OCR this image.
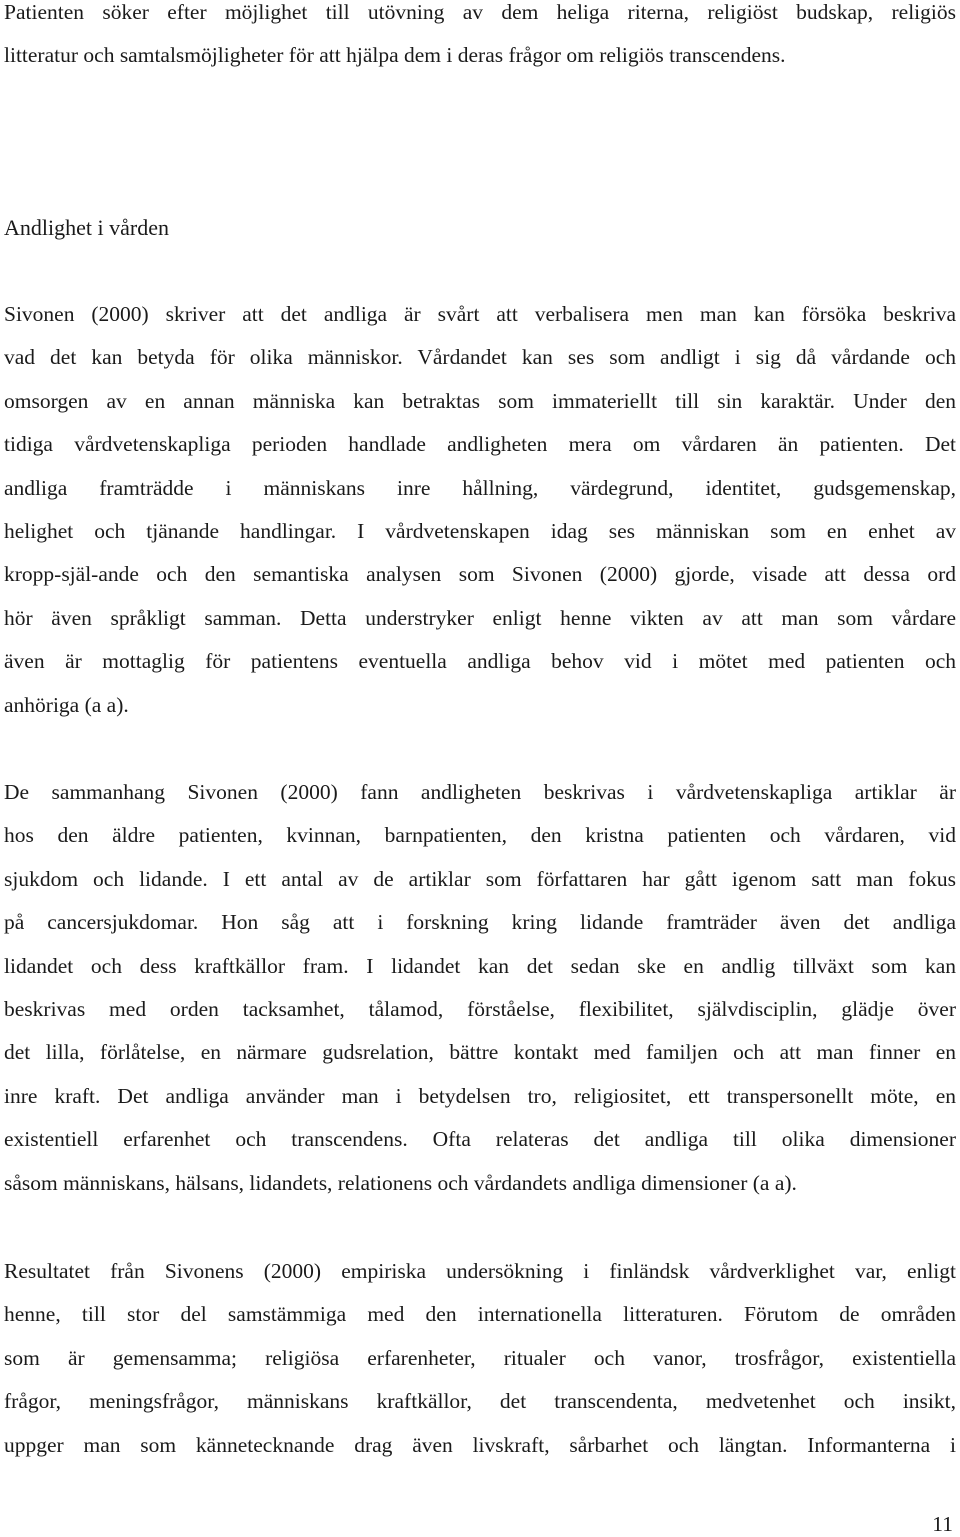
Patienten söker efter möjlighet till utövning av dem heliga riterna, religiöst budskap, religiös
litteratur och samtalsmöjligheter för att hjälpa dem i deras frågor om religiös transcendens.
Andlighet i vården
Sivonen (2000) skriver att det andliga är svårt att verbalisera men man kan försöka beskriva
vad det kan betyda för olika människor. Vårdandet kan ses som andligt i sig då vårdande och
omsorgen av en annan människa kan betraktas som immateriellt till sin karaktär. Under den
tidiga vårdvetenskapliga perioden handlade andligheten mera om vårdaren än patienten. Det
andliga framträdde i människans inre hållning, värdegrund, identitet, gudsgemenskap,
helighet och tjänande handlingar. I vårdvetenskapen idag ses människan som en enhet av
kropp-själ-ande och den semantiska analysen som Sivonen (2000) gjorde, visade att dessa ord
hör även språkligt samman. Detta understryker enligt henne vikten av att man som vårdare
även är mottaglig för patientens eventuella andliga behov vid i mötet med patienten och
anhöriga (a a).
De sammanhang Sivonen (2000) fann andligheten beskrivas i vårdvetenskapliga artiklar är
hos den äldre patienten, kvinnan, barnpatienten, den kristna patienten och vårdaren, vid
sjukdom och lidande. I ett antal av de artiklar som författaren har gått igenom satt man fokus
på cancersjukdomar. Hon såg att i forskning kring lidande framträder även det andliga
lidandet och dess kraftkällor fram. I lidandet kan det sedan ske en andlig tillväxt som kan
beskrivas med orden tacksamhet, tålamod, förståelse, flexibilitet, självdisciplin, glädje över
det lilla, förlåtelse, en närmare gudsrelation, bättre kontakt med familjen och att man finner en
inre kraft. Det andliga använder man i betydelsen tro, religiositet, ett transpersonellt möte, en
existentiell erfarenhet och transcendens. Ofta relateras det andliga till olika dimensioner
såsom människans, hälsans, lidandets, relationens och vårdandets andliga dimensioner (a a).
Resultatet från Sivonens (2000) empiriska undersökning i finländsk vårdverklighet var, enligt
henne, till stor del samstämmiga med den internationella litteraturen. Förutom de områden
som är gemensamma; religiösa erfarenheter, ritualer och vanor, trosfrågor, existentiella
frågor, meningsfrågor, människans kraftkällor, det transcendenta, medvetenhet och insikt,
uppger man som kännetecknande drag även livskraft, sårbarhet och längtan. Informanterna i
11
